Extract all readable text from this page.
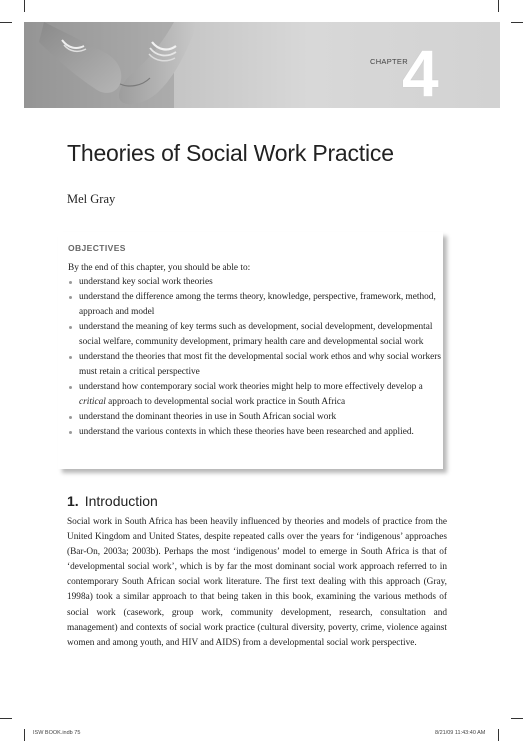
CHAPTER
4
Theories of Social Work Practice
Mel Gray
OBJECTIVES
By the end of this chapter, you should be able to:
understand key social work theories
understand the difference among the terms theory, knowledge, perspective, framework, method, approach and model
understand the meaning of key terms such as development, social development, developmental social welfare, community development, primary health care and developmental social work
understand the theories that most fit the developmental social work ethos and why social workers must retain a critical perspective
understand how contemporary social work theories might help to more effectively develop a critical approach to developmental social work practice in South Africa
understand the dominant theories in use in South African social work
understand the various contexts in which these theories have been researched and applied.
1. Introduction
Social work in South Africa has been heavily influenced by theories and models of practice from the United Kingdom and United States, despite repeated calls over the years for ‘indigenous’ approaches (Bar-On, 2003a; 2003b). Perhaps the most ‘indigenous’ model to emerge in South Africa is that of ‘developmental social work’, which is by far the most dominant social work approach referred to in contemporary South African social work literature. The first text dealing with this approach (Gray, 1998a) took a similar approach to that being taken in this book, examining the various methods of social work (casework, group work, community development, research, consultation and management) and contexts of social work practice (cultural diversity, poverty, crime, violence against women and among youth, and HIV and AIDS) from a developmental social work perspective.
ISW BOOK.indb 75	8/21/09 11:43:40 AM
